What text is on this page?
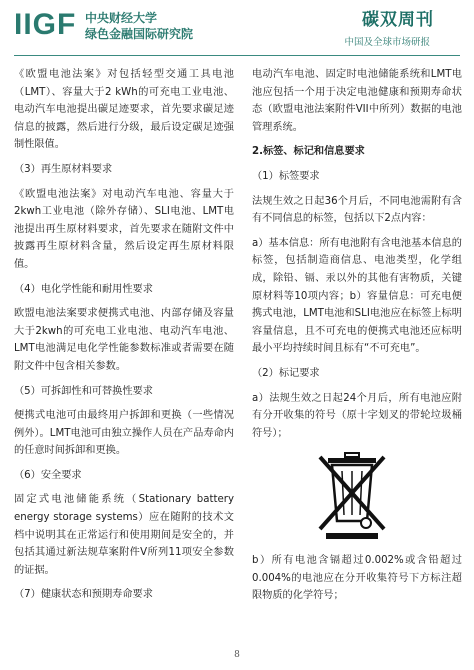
IIGF 中央财经大学
绿色金融国际研究院
碳双周刊
中国及全球市场研报

《欧盟电池法案》对包括轻型交通工具电池（LMT）、容量大于2 kWh的可充电工业电池、电动汽车电池提出碳足迹要求，首先要求碳足迹信息的披露，然后进行分级，最后设定碳足迹强制性限值。

（3）再生原材料要求

《欧盟电池法案》对电动汽车电池、容量大于2kwh工业电池（除外存储）、SLI电池、LMT电池提出再生原材料要求，首先要求在随附文件中披露再生原材料含量，然后设定再生原材料限值。

（4）电化学性能和耐用性要求

欧盟电池法案要求便携式电池、内部存储及容量大于2kwh的可充电工业电池、电动汽车电池、LMT电池满足电化学性能参数标准或者需要在随附文件中包含相关参数。

（5）可拆卸性和可替换性要求

便携式电池可由最终用户拆卸和更换（一些情况例外）。LMT电池可由独立操作人员在产品寿命内的任意时间拆卸和更换。

（6）安全要求

固定式电池储能系统（Stationary battery energy storage systems）应在随附的技术文档中说明其在正常运行和使用期间是安全的，并包括其通过新法规草案附件V所列11项安全参数的证据。

（7）健康状态和预期寿命要求

电动汽车电池、固定时电池储能系统和LMT电池应包括一个用于决定电池健康和预期寿命状态（欧盟电池法案附件VII中所列）数据的电池管理系统。

2.标签、标记和信息要求

（1）标签要求

法规生效之日起36个月后，不同电池需附有含有不同信息的标签，包括以下2点内容：

a）基本信息：所有电池附有含电池基本信息的标签，包括制造商信息、电池类型，化学组成，除铅、镉、汞以外的其他有害物质，关键原材料等10项内容；b）容量信息：可充电便携式电池，LMT电池和SLI电池应在标签上标明容量信息，且不可充电的便携式电池还应标明最小平均持续时间且标有“不可充电”。

（2）标记要求

a）法规生效之日起24个月后，所有电池应附有分开收集的符号（原十字划叉的带轮垃圾桶符号）；

b）所有电池含镉超过0.002%或含铅超过0.004%的电池应在分开收集符号下方标注超限物质的化学符号；

8
